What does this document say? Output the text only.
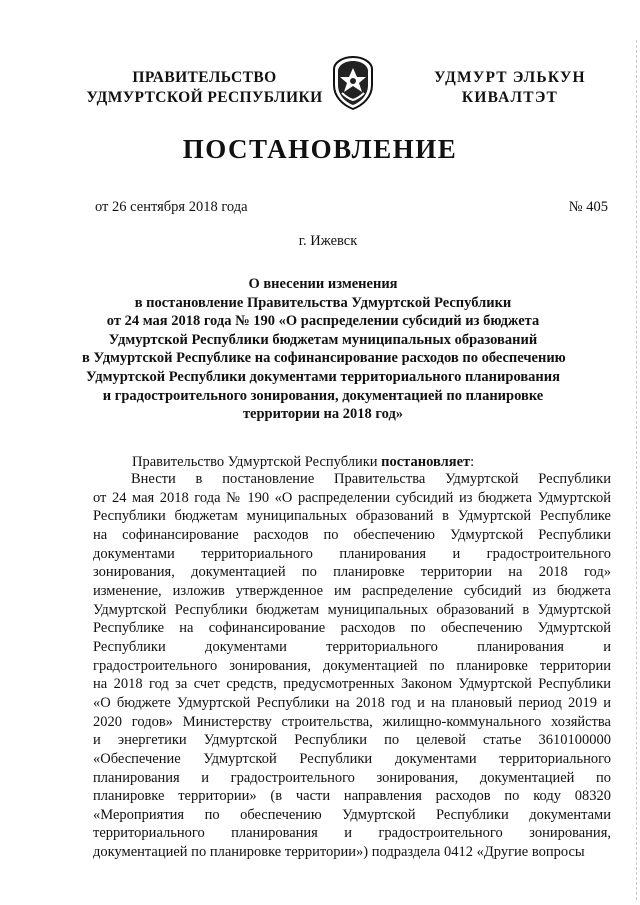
ПРАВИТЕЛЬСТВО
УДМУРТСКОЙ РЕСПУБЛИКИ
УДМУРТ ЭЛЬКУН
КИВАЛТЭТ
ПОСТАНОВЛЕНИЕ
от 26 сентября 2018 года	№ 405
г. Ижевск
О внесении изменения
в постановление Правительства Удмуртской Республики
от 24 мая 2018 года № 190 «О распределении субсидий из бюджета
Удмуртской Республики бюджетам муниципальных образований
в Удмуртской Республике на софинансирование расходов по обеспечению
Удмуртской Республики документами территориального планирования
и градостроительного зонирования, документацией по планировке
территории на 2018 год»
Правительство Удмуртской Республики постановляет:
Внести в постановление Правительства Удмуртской Республики
от 24 мая 2018 года № 190 «О распределении субсидий из бюджета Удмуртской
Республики бюджетам муниципальных образований в Удмуртской Республике
на софинансирование расходов по обеспечению Удмуртской Республики
документами территориального планирования и градостроительного
зонирования, документацией по планировке территории на 2018 год»
изменение, изложив утвержденное им распределение субсидий из бюджета
Удмуртской Республики бюджетам муниципальных образований в Удмуртской
Республике на софинансирование расходов по обеспечению Удмуртской
Республики документами территориального планирования и
градостроительного зонирования, документацией по планировке территории
на 2018 год за счет средств, предусмотренных Законом Удмуртской Республики
«О бюджете Удмуртской Республики на 2018 год и на плановый период 2019 и
2020 годов» Министерству строительства, жилищно-коммунального хозяйства
и энергетики Удмуртской Республики по целевой статье 3610100000
«Обеспечение Удмуртской Республики документами территориального
планирования и градостроительного зонирования, документацией по
планировке территории» (в части направления расходов по коду 08320
«Мероприятия по обеспечению Удмуртской Республики документами
территориального планирования и градостроительного зонирования,
документацией по планировке территории») подраздела 0412 «Другие вопросы
